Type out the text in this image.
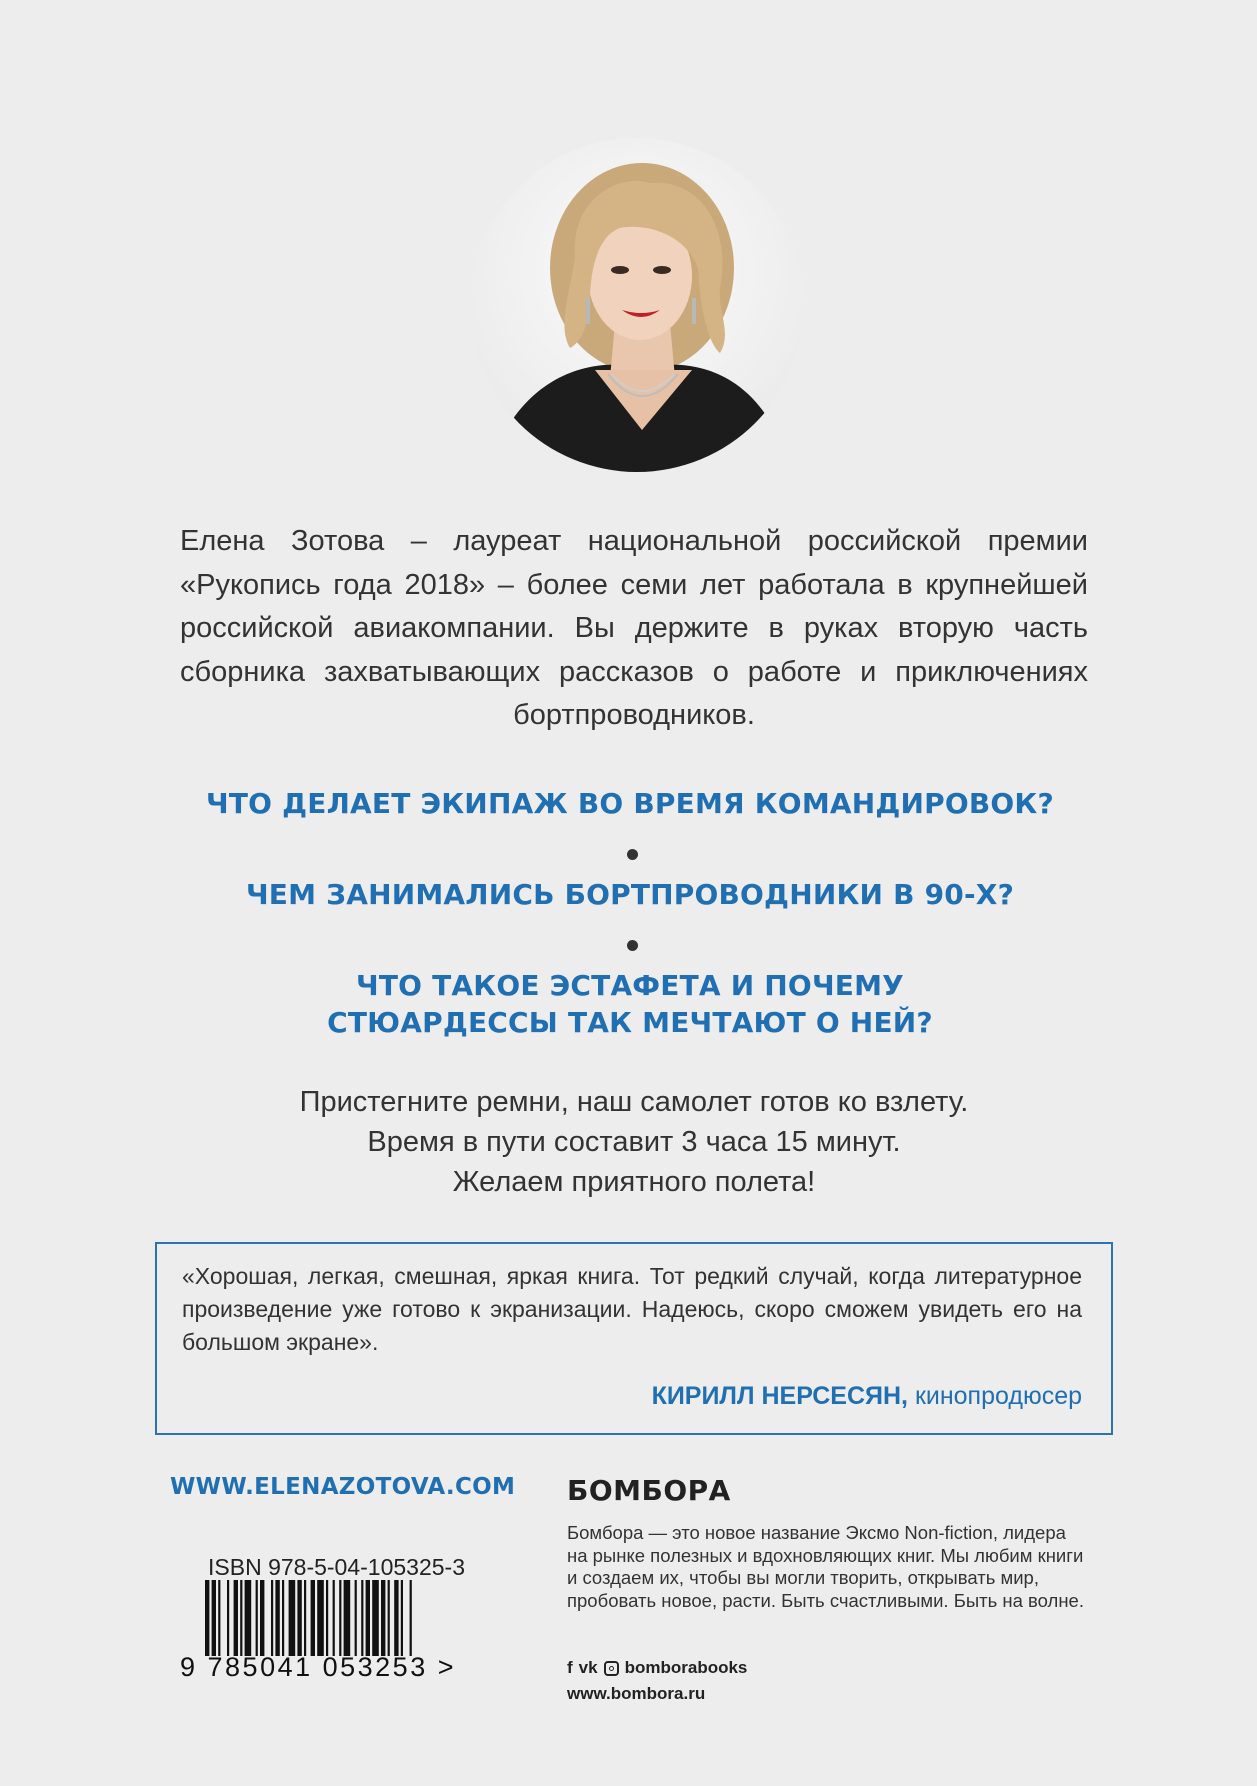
Елена Зотова – лауреат национальной российской премии «Рукопись года 2018» – более семи лет работала в крупнейшей российской авиакомпании. Вы держите в руках вторую часть сборника захватывающих рассказов о работе и приключениях бортпроводников.
ЧТО ДЕЛАЕТ ЭКИПАЖ ВО ВРЕМЯ КОМАНДИРОВОК?
ЧЕМ ЗАНИМАЛИСЬ БОРТПРОВОДНИКИ В 90-Х?
ЧТО ТАКОЕ ЭСТАФЕТА И ПОЧЕМУ
СТЮАРДЕССЫ ТАК МЕЧТАЮТ О НЕЙ?
Пристегните ремни, наш самолет готов ко взлету.
Время в пути составит 3 часа 15 минут.
Желаем приятного полета!
«Хорошая, легкая, смешная, яркая книга. Тот редкий случай, когда литературное произведение уже готово к экранизации. Надеюсь, скоро сможем увидеть его на большом экране».
КИРИЛЛ НЕРСЕСЯН, кинопродюсер
WWW.ELENAZOTOVA.COM
ISBN 978-5-04-105325-3
9 785041 053253 >
БОМБОРА
Бомбора — это новое название Эксмо Non-fiction, лидера на рынке полезных и вдохновляющих книг. Мы любим книги и создаем их, чтобы вы могли творить, открывать мир, пробовать новое, расти. Быть счастливыми. Быть на волне.
f vk bomborabooks
www.bombora.ru
